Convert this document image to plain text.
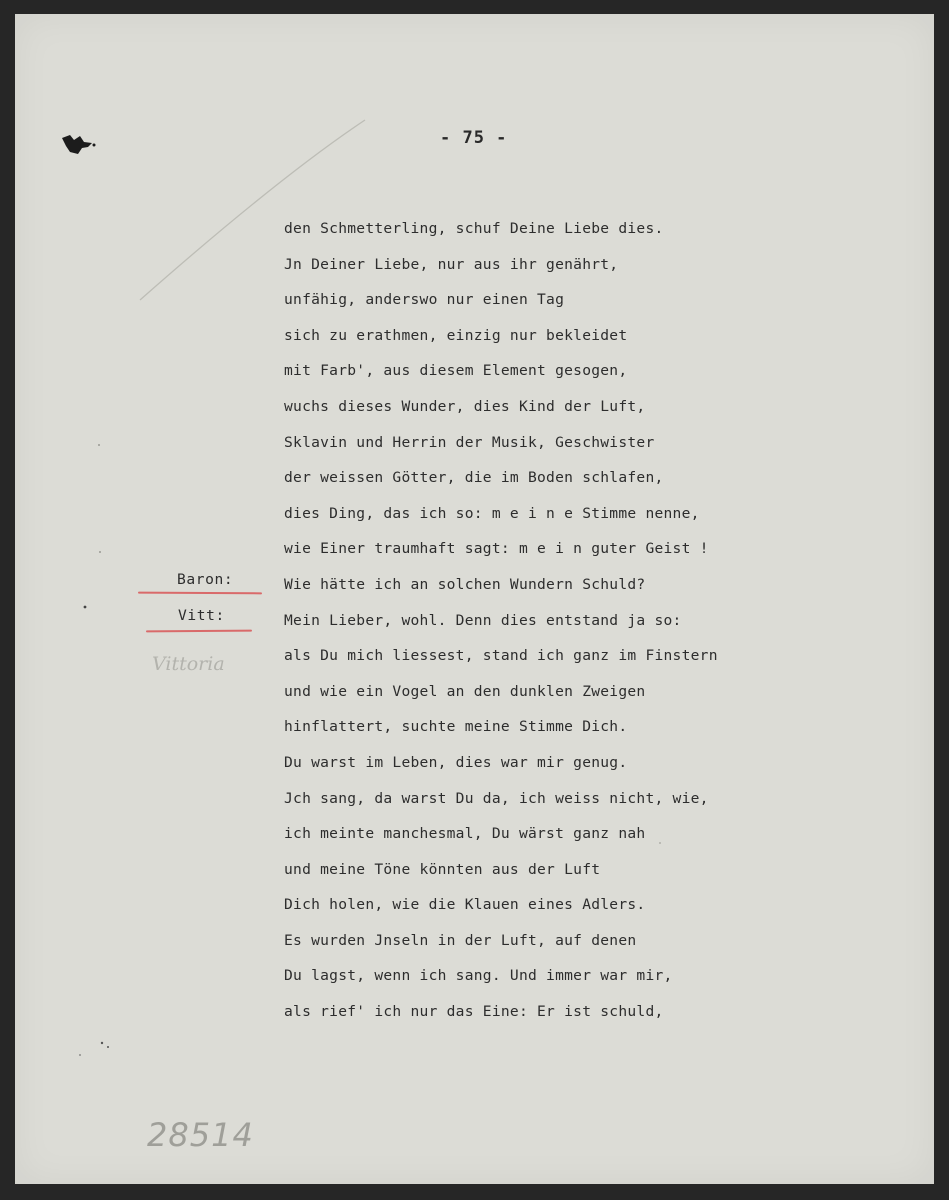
- 75 -
Baron:
Vitt:
Vittoria
den Schmetterling, schuf Deine Liebe dies.
Jn Deiner Liebe, nur aus ihr genährt,
unfähig, anderswo nur einen Tag
sich zu erathmen, einzig nur bekleidet
mit Farb', aus diesem Element gesogen,
wuchs dieses Wunder, dies Kind der Luft,
Sklavin und Herrin der Musik, Geschwister
der weissen Götter, die im Boden schlafen,
dies Ding, das ich so: m e i n e Stimme nenne,
wie Einer traumhaft sagt: m e i n guter Geist !
Wie hätte ich an solchen Wundern Schuld?
Mein Lieber, wohl. Denn dies entstand ja so:
als Du mich liessest, stand ich ganz im Finstern
und wie ein Vogel an den dunklen Zweigen
hinflattert, suchte meine Stimme Dich.
Du warst im Leben, dies war mir genug.
Jch sang, da warst Du da, ich weiss nicht, wie,
ich meinte manchesmal, Du wärst ganz nah
und meine Töne könnten aus der Luft
Dich holen, wie die Klauen eines Adlers.
Es wurden Jnseln in der Luft, auf denen
Du lagst, wenn ich sang. Und immer war mir,
als rief' ich nur das Eine: Er ist schuld,
28514
